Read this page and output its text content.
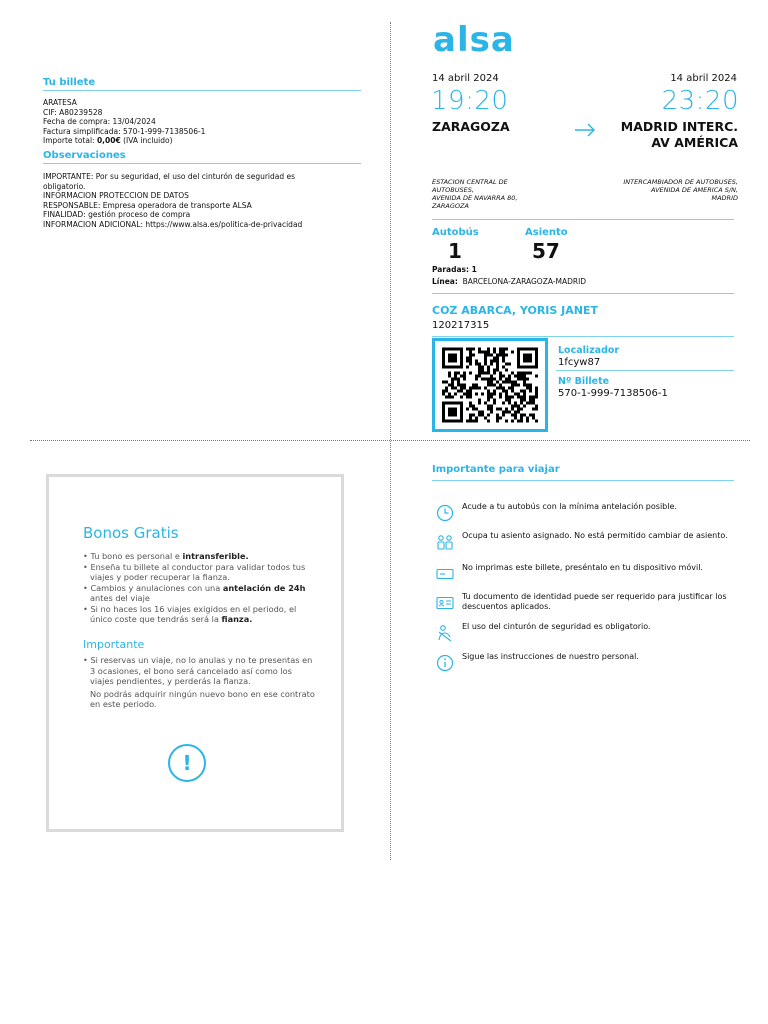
Tu billete
ARATESA
CIF: A80239528
Fecha de compra: 13/04/2024
Factura simplificada: 570-1-999-7138506-1
Importe total: 0,00€ (IVA incluido)
Observaciones
IMPORTANTE: Por su seguridad, el uso del cinturón de seguridad es
obligatorio.
INFORMACION PROTECCION DE DATOS
RESPONSABLE: Empresa operadora de transporte ALSA
FINALIDAD: gestión proceso de compra
INFORMACION ADICIONAL: https://www.alsa.es/politica-de-privacidad
alsa
14 abril 2024	14 abril 2024
19:20	23:20
ZARAGOZA	MADRID INTERC.
AV AMÉRICA
ESTACION CENTRAL DE
AUTOBUSES,
AVENIDA DE NAVARRA 80,
ZARAGOZA
INTERCAMBIADOR DE AUTOBUSES,
AVENIDA DE AMERICA S/N,
MADRID
Autobús
1
Asiento
57
Paradas: 1
Línea: BARCELONA-ZARAGOZA-MADRID
COZ ABARCA, YORIS JANET
120217315
Localizador
1fcyw87
Nº Billete
570-1-999-7138506-1
Bonos Gratis
• Tu bono es personal e intransferible.
• Enseña tu billete al conductor para validar todos tus viajes y poder recuperar la fianza.
• Cambios y anulaciones con una antelación de 24h antes del viaje
• Si no haces los 16 viajes exigidos en el periodo, el único coste que tendrás será la fianza.
Importante
• Si reservas un viaje, no lo anulas y no te presentas en 3 ocasiones, el bono será cancelado así como los viajes pendientes, y perderás la fianza.
No podrás adquirir ningún nuevo bono en ese contrato en este periodo.
!
Importante para viajar
Acude a tu autobús con la mínima antelación posible.
Ocupa tu asiento asignado. No está permitido cambiar de asiento.
No imprimas este billete, preséntalo en tu dispositivo móvil.
Tu documento de identidad puede ser requerido para justificar los descuentos aplicados.
El uso del cinturón de seguridad es obligatorio.
Sigue las instrucciones de nuestro personal.
